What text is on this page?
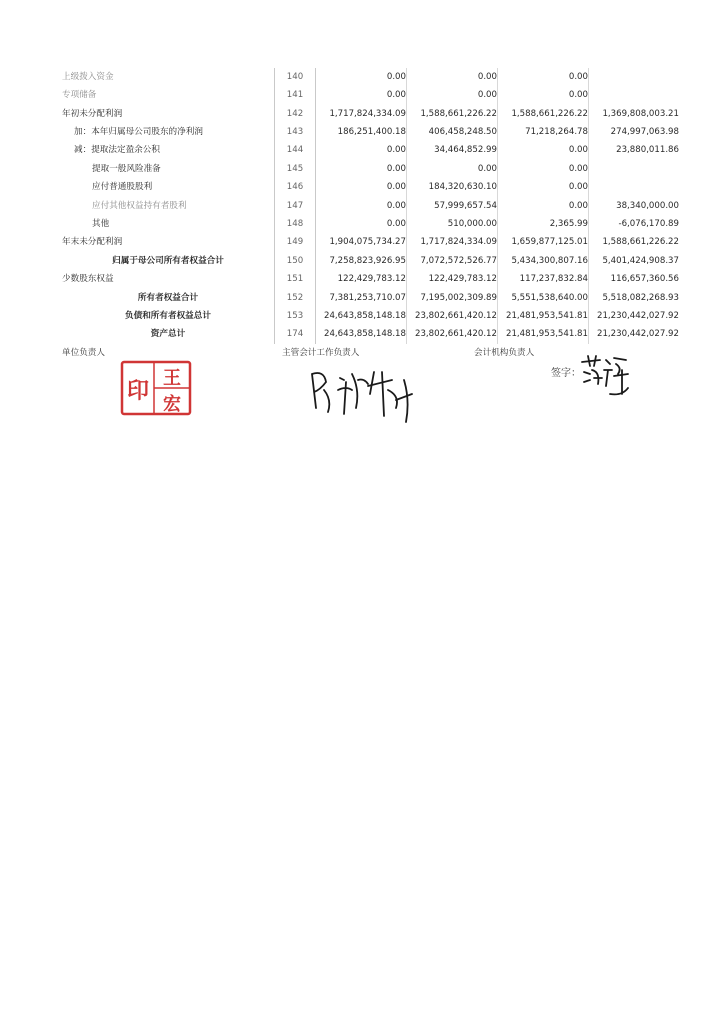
上级拨入资金	140	0.00	0.00	0.00	
专项储备	141	0.00	0.00	0.00	
年初未分配利润	142	1,717,824,334.09	1,588,661,226.22	1,588,661,226.22	1,369,808,003.21
加：本年归属母公司股东的净利润	143	186,251,400.18	406,458,248.50	71,218,264.78	274,997,063.98
减：提取法定盈余公积	144	0.00	34,464,852.99	0.00	23,880,011.86
提取一般风险准备	145	0.00	0.00	0.00	
应付普通股股利	146	0.00	184,320,630.10	0.00	
应付其他权益持有者股利	147	0.00	57,999,657.54	0.00	38,340,000.00
其他	148	0.00	510,000.00	2,365.99	-6,076,170.89
年末未分配利润	149	1,904,075,734.27	1,717,824,334.09	1,659,877,125.01	1,588,661,226.22
归属于母公司所有者权益合计	150	7,258,823,926.95	7,072,572,526.77	5,434,300,807.16	5,401,424,908.37
少数股东权益	151	122,429,783.12	122,429,783.12	117,237,832.84	116,657,360.56
所有者权益合计	152	7,381,253,710.07	7,195,002,309.89	5,551,538,640.00	5,518,082,268.93
负债和所有者权益总计	153	24,643,858,148.18	23,802,661,420.12	21,481,953,541.81	21,230,442,027.92
资产总计	174	24,643,858,148.18	23,802,661,420.12	21,481,953,541.81	21,230,442,027.92
单位负责人	主管会计工作负责人	会计机构负责人
印
王
宏
签字：
